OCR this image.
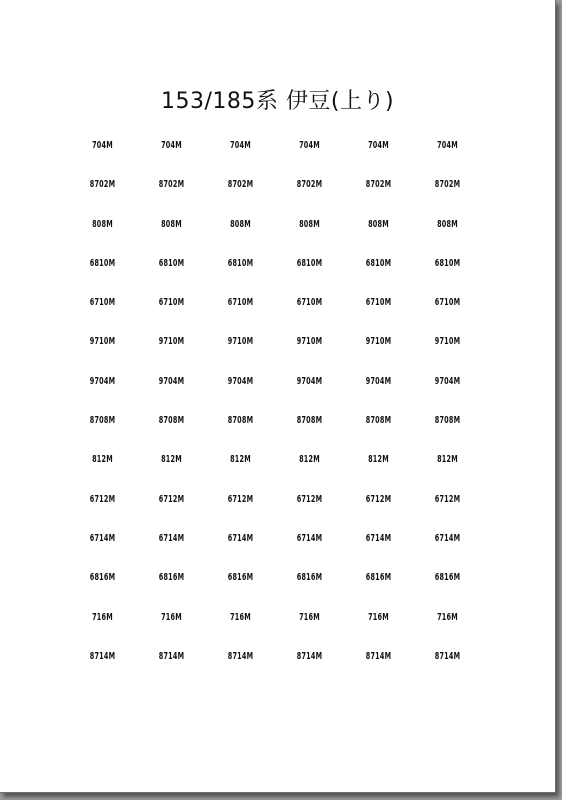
153/185系 伊豆(上り)
704M	704M	704M	704M	704M	704M
8702M	8702M	8702M	8702M	8702M	8702M
808M	808M	808M	808M	808M	808M
6810M	6810M	6810M	6810M	6810M	6810M
6710M	6710M	6710M	6710M	6710M	6710M
9710M	9710M	9710M	9710M	9710M	9710M
9704M	9704M	9704M	9704M	9704M	9704M
8708M	8708M	8708M	8708M	8708M	8708M
812M	812M	812M	812M	812M	812M
6712M	6712M	6712M	6712M	6712M	6712M
6714M	6714M	6714M	6714M	6714M	6714M
6816M	6816M	6816M	6816M	6816M	6816M
716M	716M	716M	716M	716M	716M
8714M	8714M	8714M	8714M	8714M	8714M
